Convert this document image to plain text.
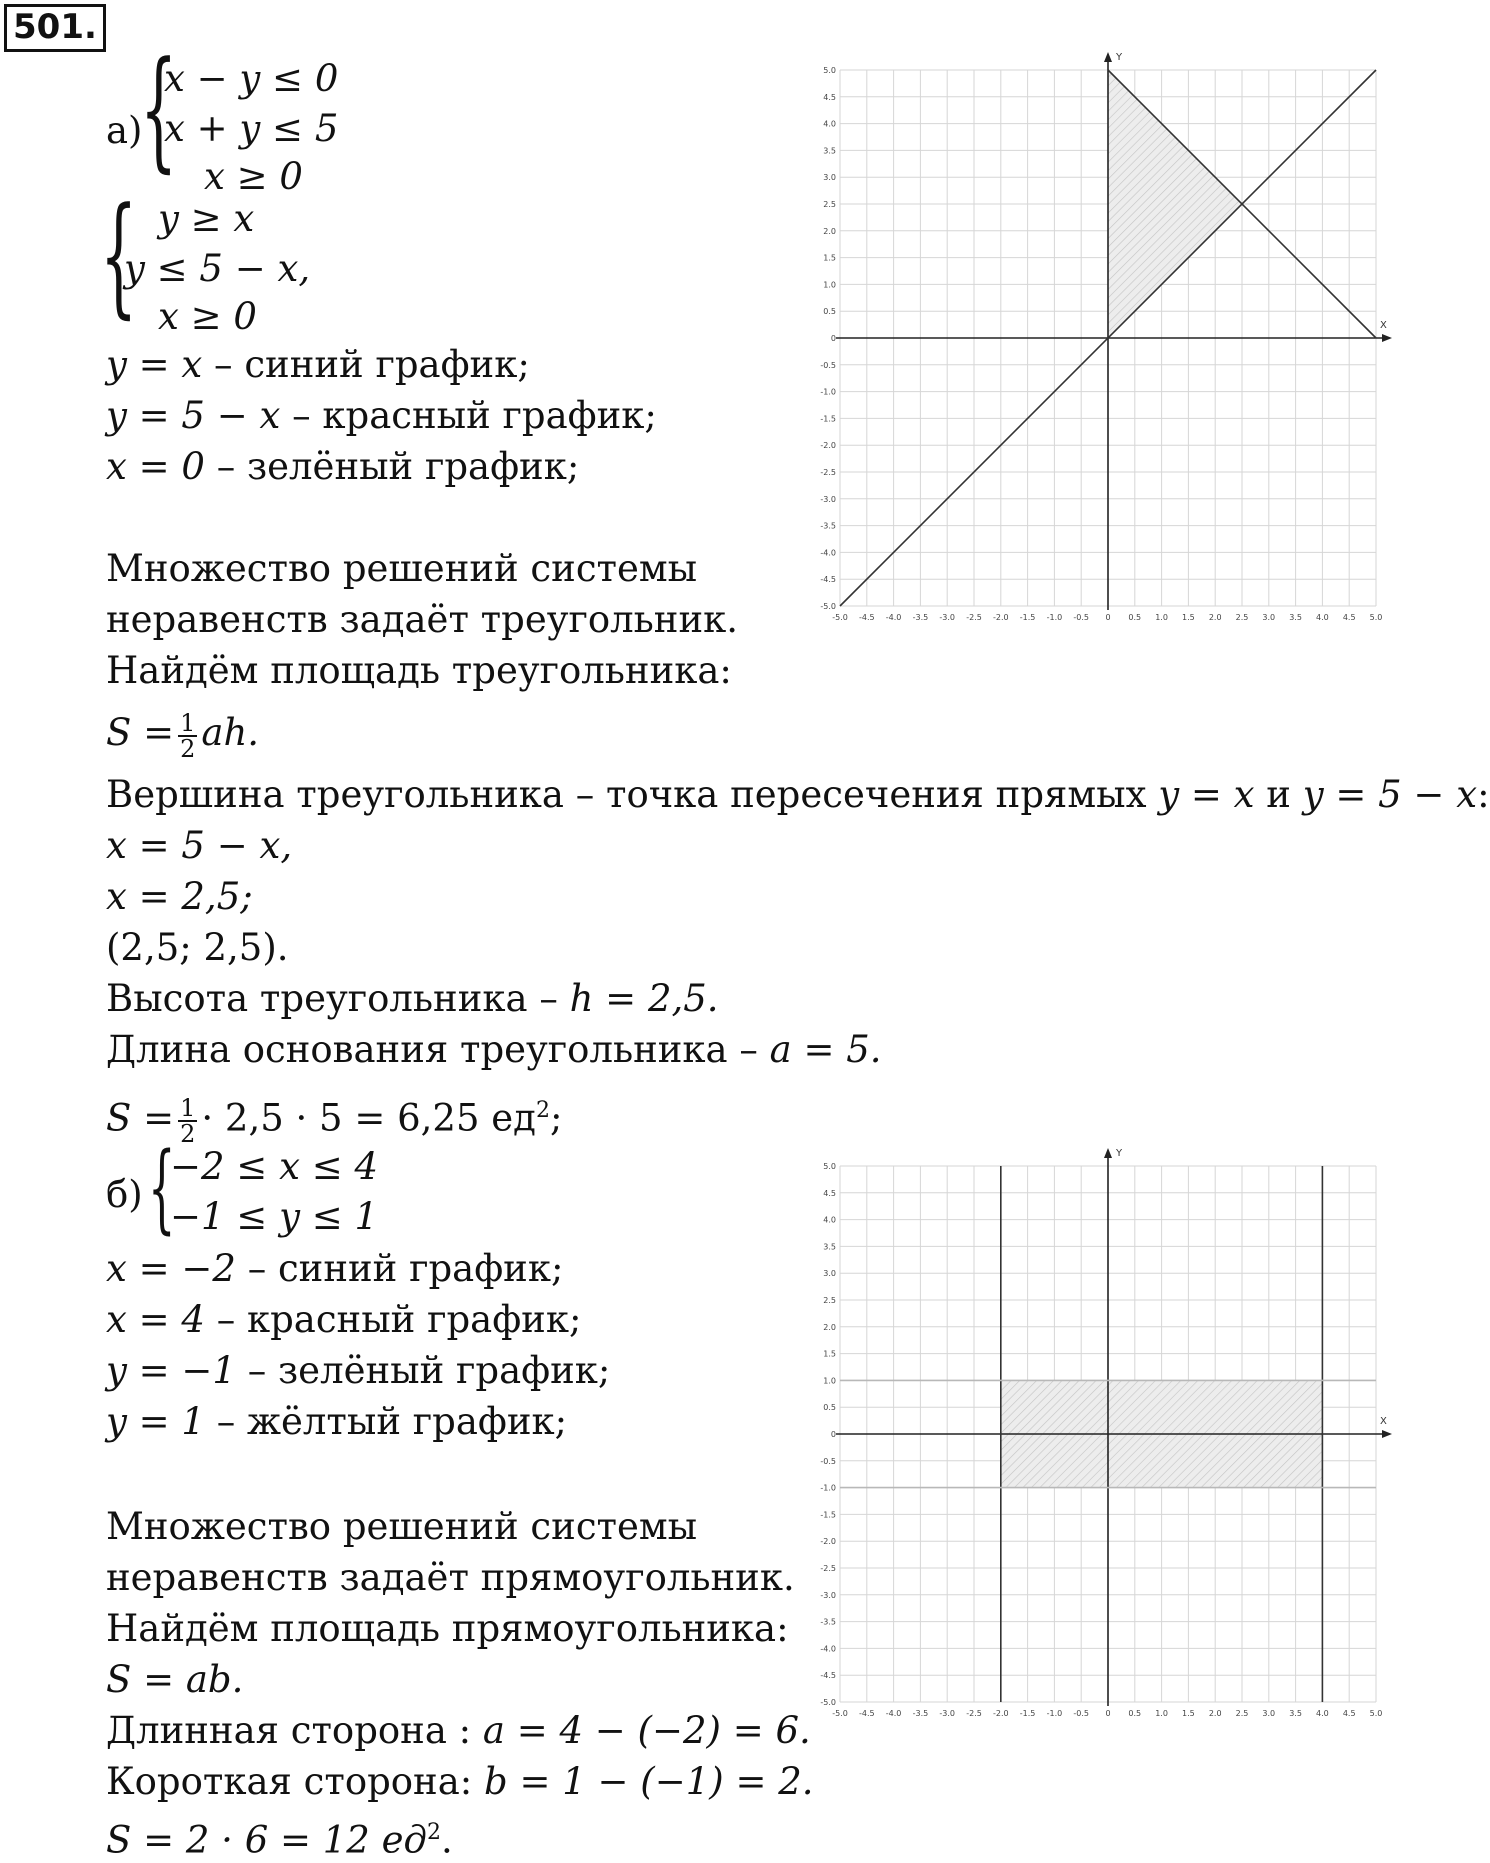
501.
а)
{
x − y ≤ 0
x + y ≤ 5
x ≥ 0
{ y ≥ x
y ≤ 5 − x,
x ≥ 0
y = x – синий график;
y = 5 − x – красный график;
x = 0 – зелёный график;
Множество решений системы
неравенств задаёт треугольник.
Найдём площадь треугольника:
$S = \frac{1}{2}$ ah.
Вершина треугольника – точка пересечения прямых y = x и y = 5 − x:
x = 5 − x,
x = 2,5;
(2,5; 2,5).
Высота треугольника – h = 2,5.
Длина основания треугольника – a = 5.
$S = \frac{1}{2} \cdot 2,5 \cdot 5 = 6,25$ $ед^2$;
б) {
−2 ≤ x ≤ 4
−1 ≤ y ≤ 1
x = −2 – синий график;
x = 4 – красный график;
y = −1 – зелёный график;
y = 1 – жёлтый график;
Множество решений системы
неравенств задаёт прямоугольник.
Найдём площадь прямоугольника:
S = ab.
Длинная сторона : a = 4 − (−2) = 6.
Короткая сторона: b = 1 − (−1) = 2.
S = 2 · 6 = 12 $ед^2$.
X
Y
-5.0 -4.5 -4.0 -3.5 -3.0 -2.5 -2.0 -1.5 -1.0 -0.5 0 0.5 1.0 1.5 2.0 2.5 3.0 3.5 4.0 4.5 5.0
-5.0
-4.5
-4.0
-3.5
-3.0
-2.5
-2.0
-1.5
-1.0
-0.5
0
0.5
1.0
1.5
2.0
2.5
3.0
3.5
4.0
4.5
5.0
X
Y
-5.0 -4.5 -4.0 -3.5 -3.0 -2.5 -2.0 -1.5 -1.0 -0.5 0 0.5 1.0 1.5 2.0 2.5 3.0 3.5 4.0 4.5 5.0
-5.0
-4.5
-4.0
-3.5
-3.0
-2.5
-2.0
-1.5
-1.0
-0.5
0
0.5
1.0
1.5
2.0
2.5
3.0
3.5
4.0
4.5
5.0
